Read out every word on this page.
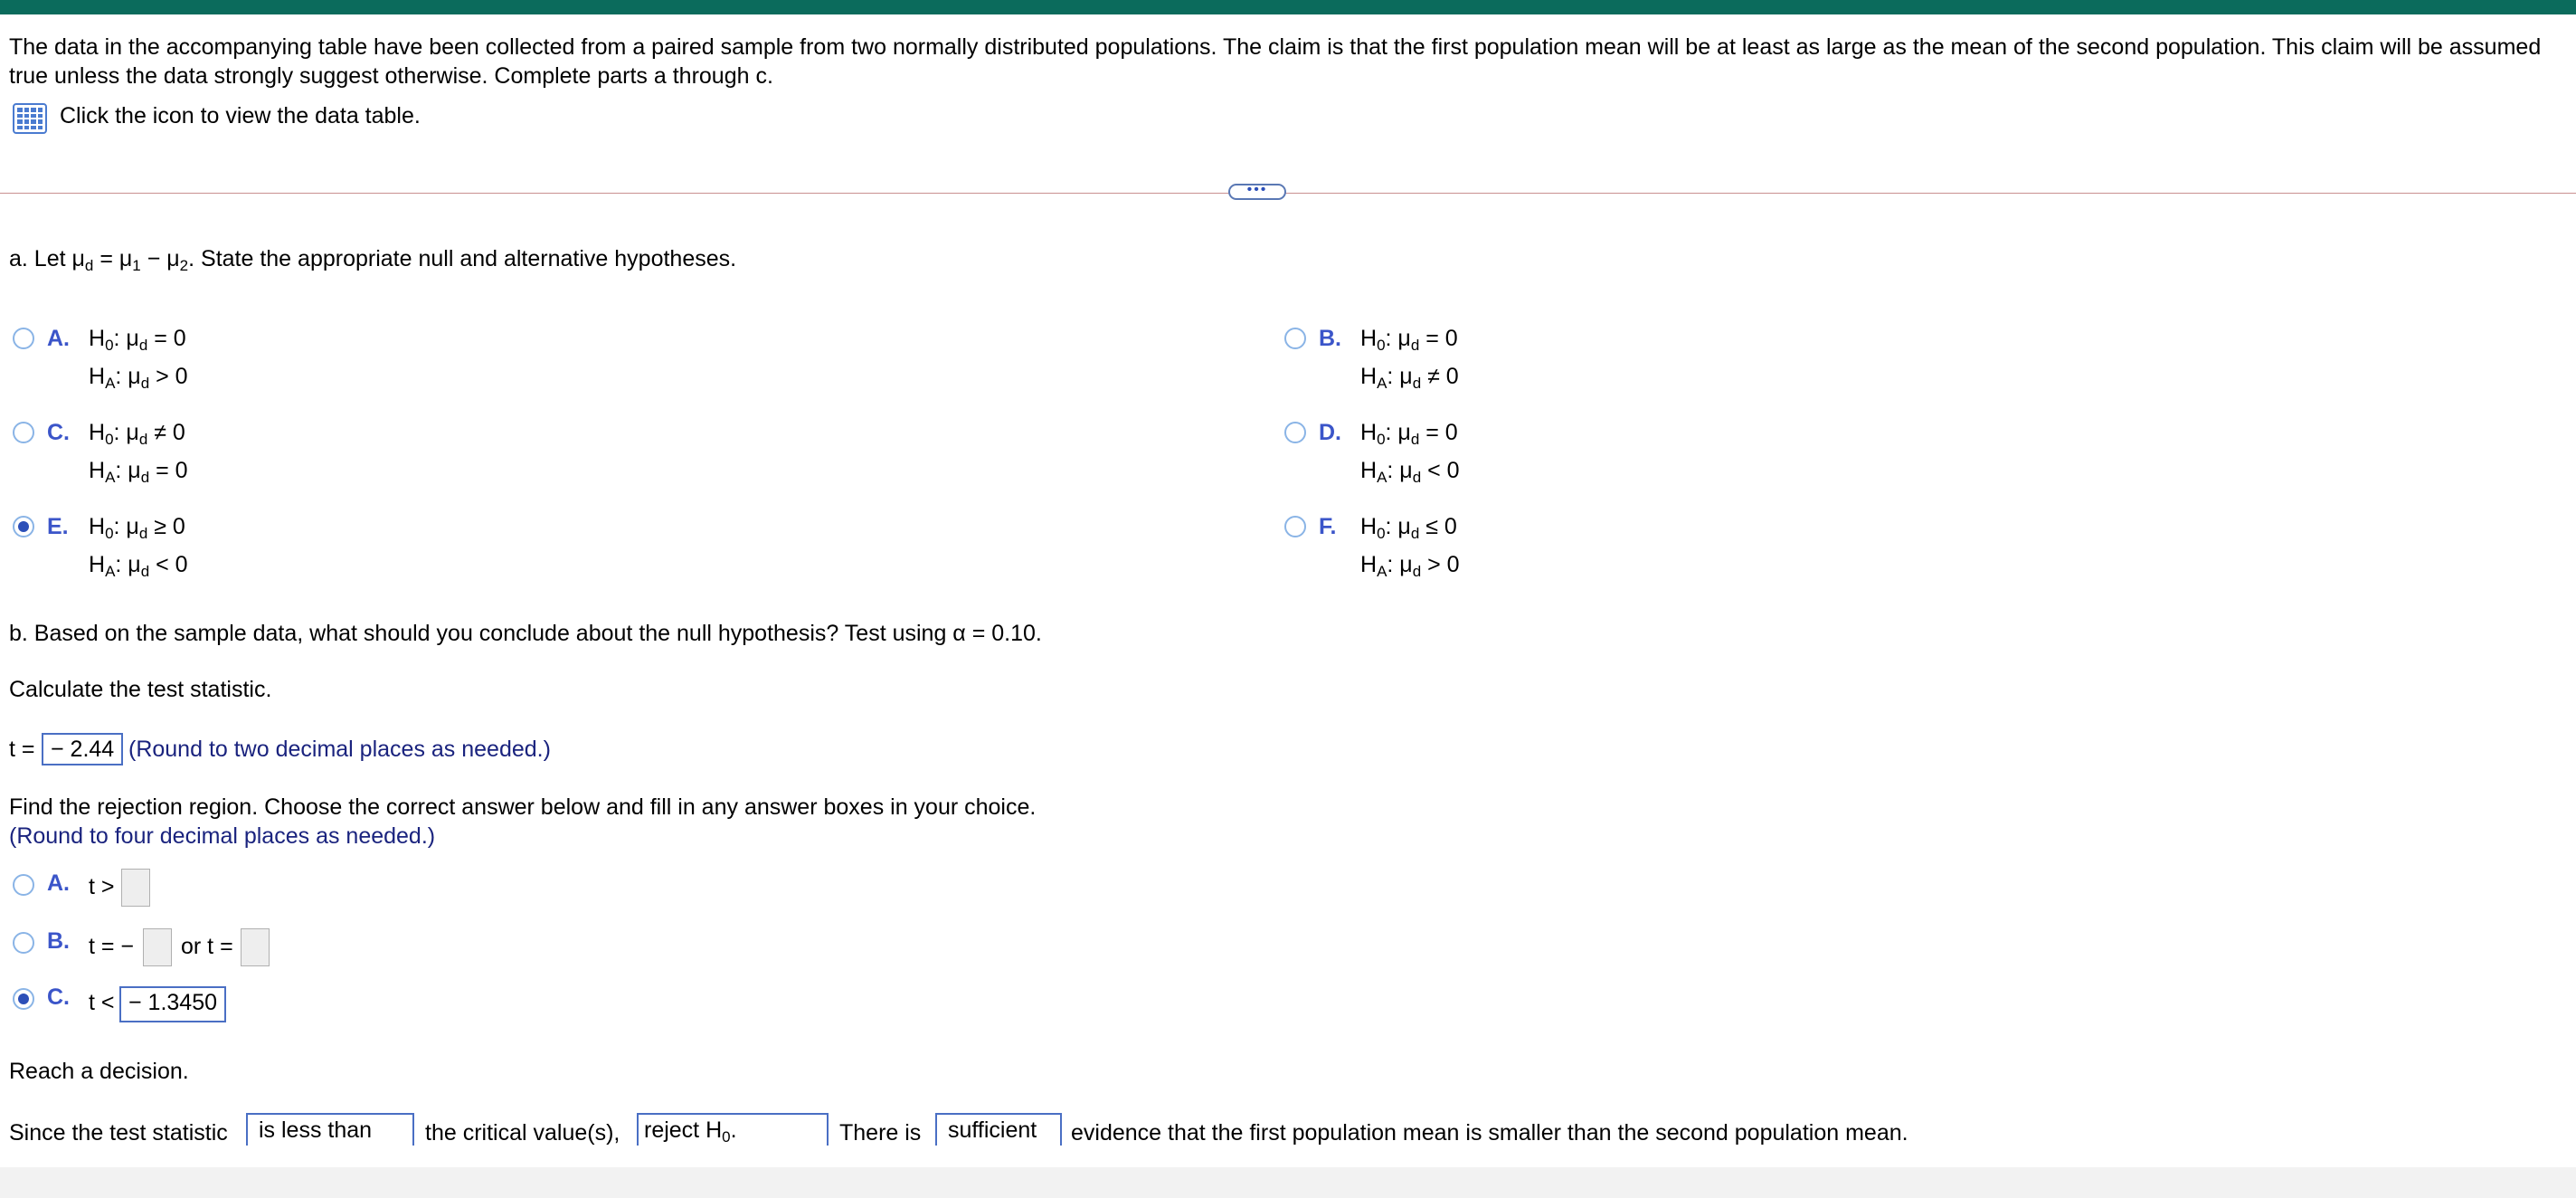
The data in the accompanying table have been collected from a paired sample from two normally distributed populations. The claim is that the first population mean will be at least as large as the mean of the second population. This claim will be assumed true unless the data strongly suggest otherwise. Complete parts a through c.
Click the icon to view the data table.
•••
a. Let $\mu_d = \mu_1 - \mu_2$. State the appropriate null and alternative hypotheses.
A. $H_0$: $\mu_d = 0$
$H_A$: $\mu_d > 0$
B. $H_0$: $\mu_d = 0$
$H_A$: $\mu_d \ne 0$
C. $H_0$: $\mu_d \ne 0$
$H_A$: $\mu_d = 0$
D. $H_0$: $\mu_d = 0$
$H_A$: $\mu_d < 0$
E. $H_0$: $\mu_d \ge 0$
$H_A$: $\mu_d < 0$
F. $H_0$: $\mu_d \le 0$
$H_A$: $\mu_d > 0$
b. Based on the sample data, what should you conclude about the null hypothesis? Test using α = 0.10.
Calculate the test statistic.
t = − 2.44 (Round to two decimal places as needed.)
Find the rejection region. Choose the correct answer below and fill in any answer boxes in your choice.
(Round to four decimal places as needed.)
A. t >
B. t = − or t =
C. t < − 1.3450
Reach a decision.
Since the test statistic	is less than	the critical value(s),	reject $H_0$.	There is	sufficient	evidence that the first population mean is smaller than the second population mean.
